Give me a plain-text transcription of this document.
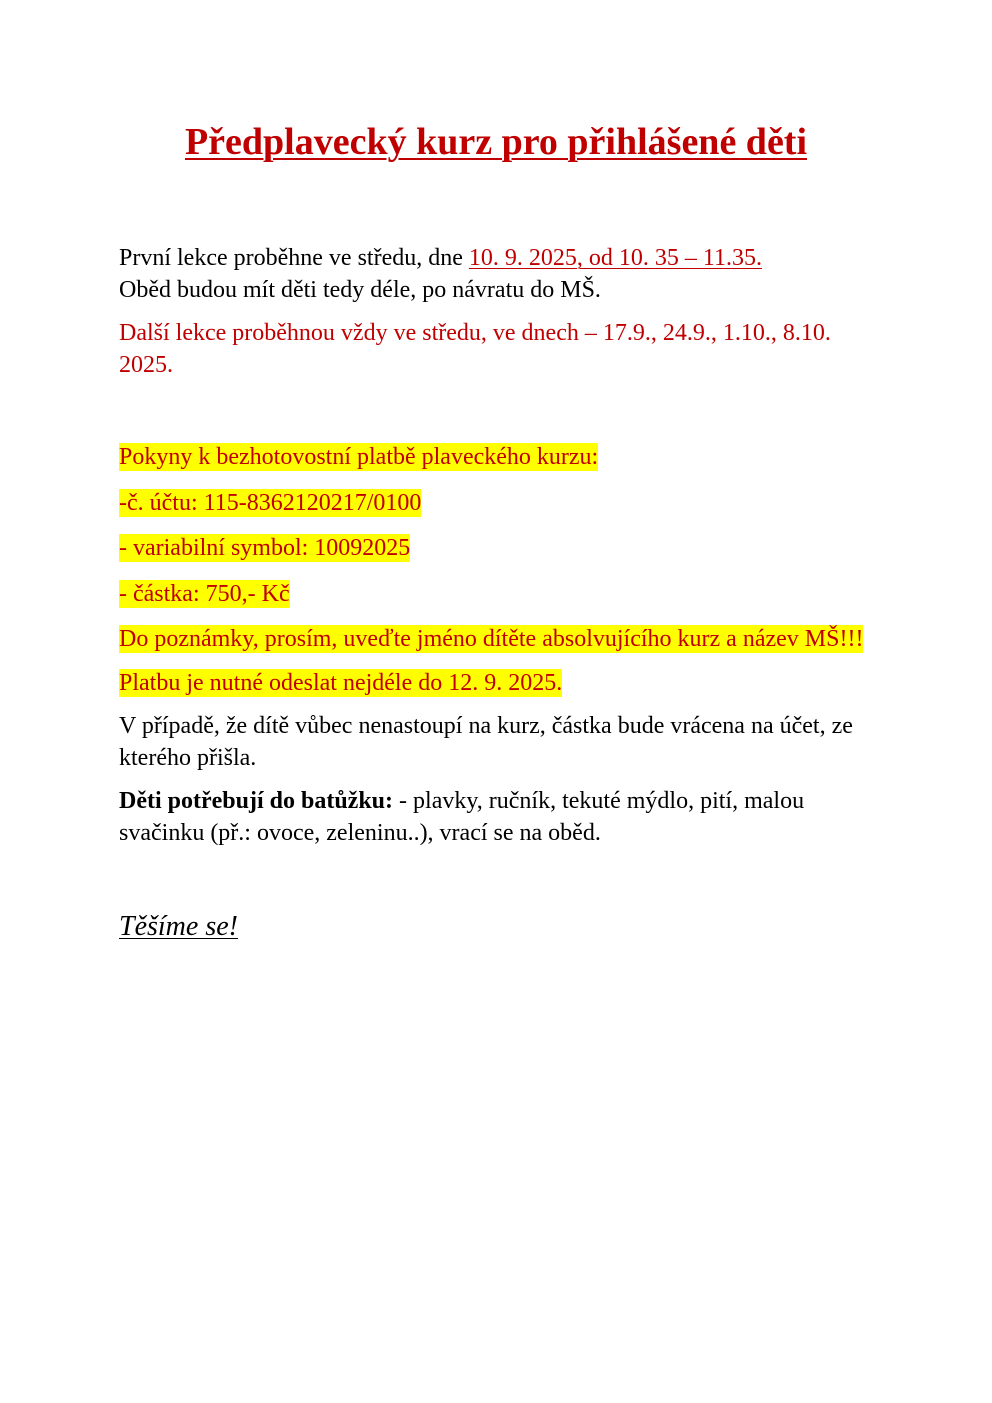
Předplavecký kurz pro přihlášené děti

První lekce proběhne ve středu, dne 10. 9. 2025, od 10. 35 – 11.35.
Oběd budou mít děti tedy déle, po návratu do MŠ.

Další lekce proběhnou vždy ve středu, ve dnech – 17.9., 24.9., 1.10., 8.10. 2025.

Pokyny k bezhotovostní platbě plaveckého kurzu:

-č. účtu: 115-8362120217/0100

- variabilní symbol: 10092025

- částka: 750,- Kč

Do poznámky, prosím, uveďte jméno dítěte absolvujícího kurz a název MŠ!!!

Platbu je nutné odeslat nejdéle do 12. 9. 2025.

V případě, že dítě vůbec nenastoupí na kurz, částka bude vrácena na účet, ze kterého přišla.

Děti potřebují do batůžku: - plavky, ručník, tekuté mýdlo, pití, malou svačinku (př.: ovoce, zeleninu..), vrací se na oběd.

Těšíme se!
